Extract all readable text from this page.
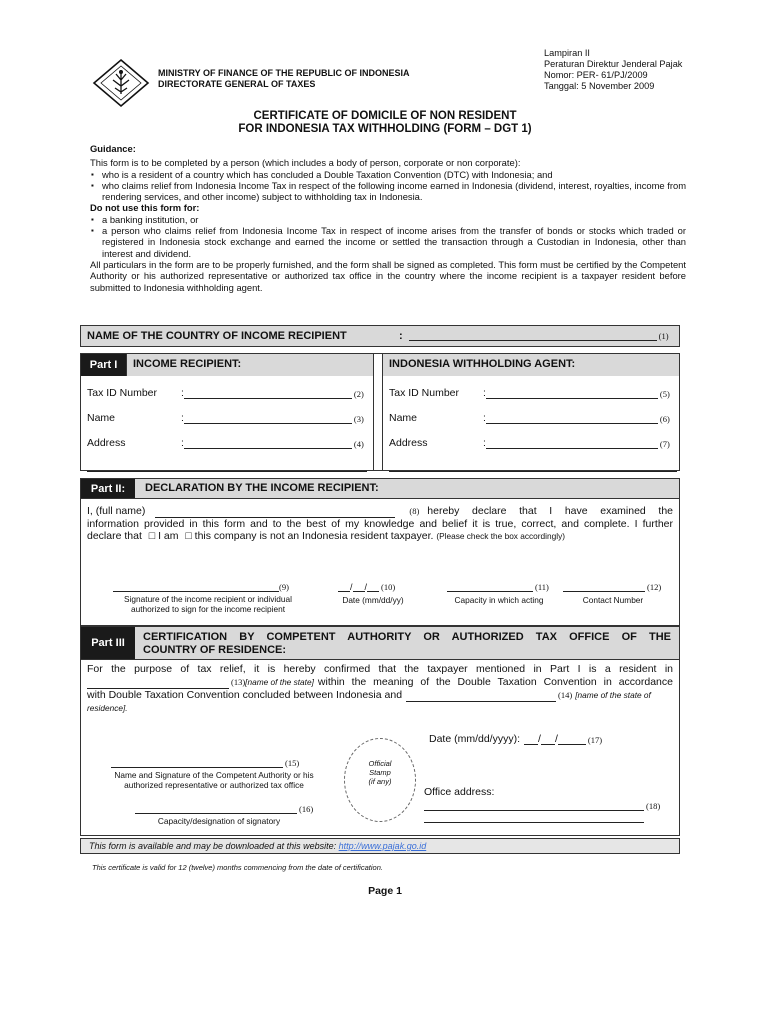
MINISTRY OF FINANCE OF THE REPUBLIC OF INDONESIA
DIRECTORATE GENERAL OF TAXES
Lampiran II
Peraturan Direktur Jenderal Pajak
Nomor: PER- 61/PJ/2009
Tanggal: 5 November 2009
CERTIFICATE OF DOMICILE OF NON RESIDENT
FOR INDONESIA TAX WITHHOLDING (FORM – DGT 1)
Guidance:
This form is to be completed by a person (which includes a body of person, corporate or non corporate):
▪ who is a resident of a country which has concluded a Double Taxation Convention (DTC) with Indonesia; and
▪ who claims relief from Indonesia Income Tax in respect of the following income earned in Indonesia (dividend, interest, royalties, income from rendering services, and other income) subject to withholding tax in Indonesia.
Do not use this form for:
▪ a banking institution, or
▪ a person who claims relief from Indonesia Income Tax in respect of income arises from the transfer of bonds or stocks which traded or registered in Indonesia stock exchange and earned the income or settled the transaction through a Custodian in Indonesia, other than interest and dividend.
All particulars in the form are to be properly furnished, and the form shall be signed as completed. This form must be certified by the Competent Authority or his authorized representative or authorized tax office in the country where the income recipient is a taxpayer resident before submitted to Indonesia withholding agent.
NAME OF THE COUNTRY OF INCOME RECIPIENT	:	(1)
Part I	INCOME RECIPIENT:	INDONESIA WITHHOLDING AGENT:
Tax ID Number	:	(2)
Name	:	(3)
Address	:	(4)
Tax ID Number	:	(5)
Name	:	(6)
Address	:	(7)
Part II:	DECLARATION BY THE INCOME RECIPIENT:
I, (full name)	(8) hereby declare that I have examined the
information provided in this form and to the best of my knowledge and belief it is true, correct, and complete. I further
declare that □ I am □ this company is not an Indonesia resident taxpayer. (Please check the box accordingly)
(9)
Signature of the income recipient or individual
authorized to sign for the income recipient
/ / (10)
Date (mm/dd/yy)
(11)
Capacity in which acting
(12)
Contact Number
Part III	CERTIFICATION BY COMPETENT AUTHORITY OR AUTHORIZED TAX OFFICE OF THE
COUNTRY OF RESIDENCE:
For the purpose of tax relief, it is hereby confirmed that the taxpayer mentioned in Part I is a resident in
(13) [name of the state] within the meaning of the Double Taxation Convention in accordance
with Double Taxation Convention concluded between Indonesia and	(14) [name of the state of
residence].
Date (mm/dd/yyyy): / /	(17)
(15)
Name and Signature of the Competent Authority or his
authorized representative or authorized tax office
(16)
Capacity/designation of signatory
Office address:
(18)
Official
Stamp
(if any)
This form is available and may be downloaded at this website: http://www.pajak.go.id
This certificate is valid for 12 (twelve) months commencing from the date of certification.
Page 1
